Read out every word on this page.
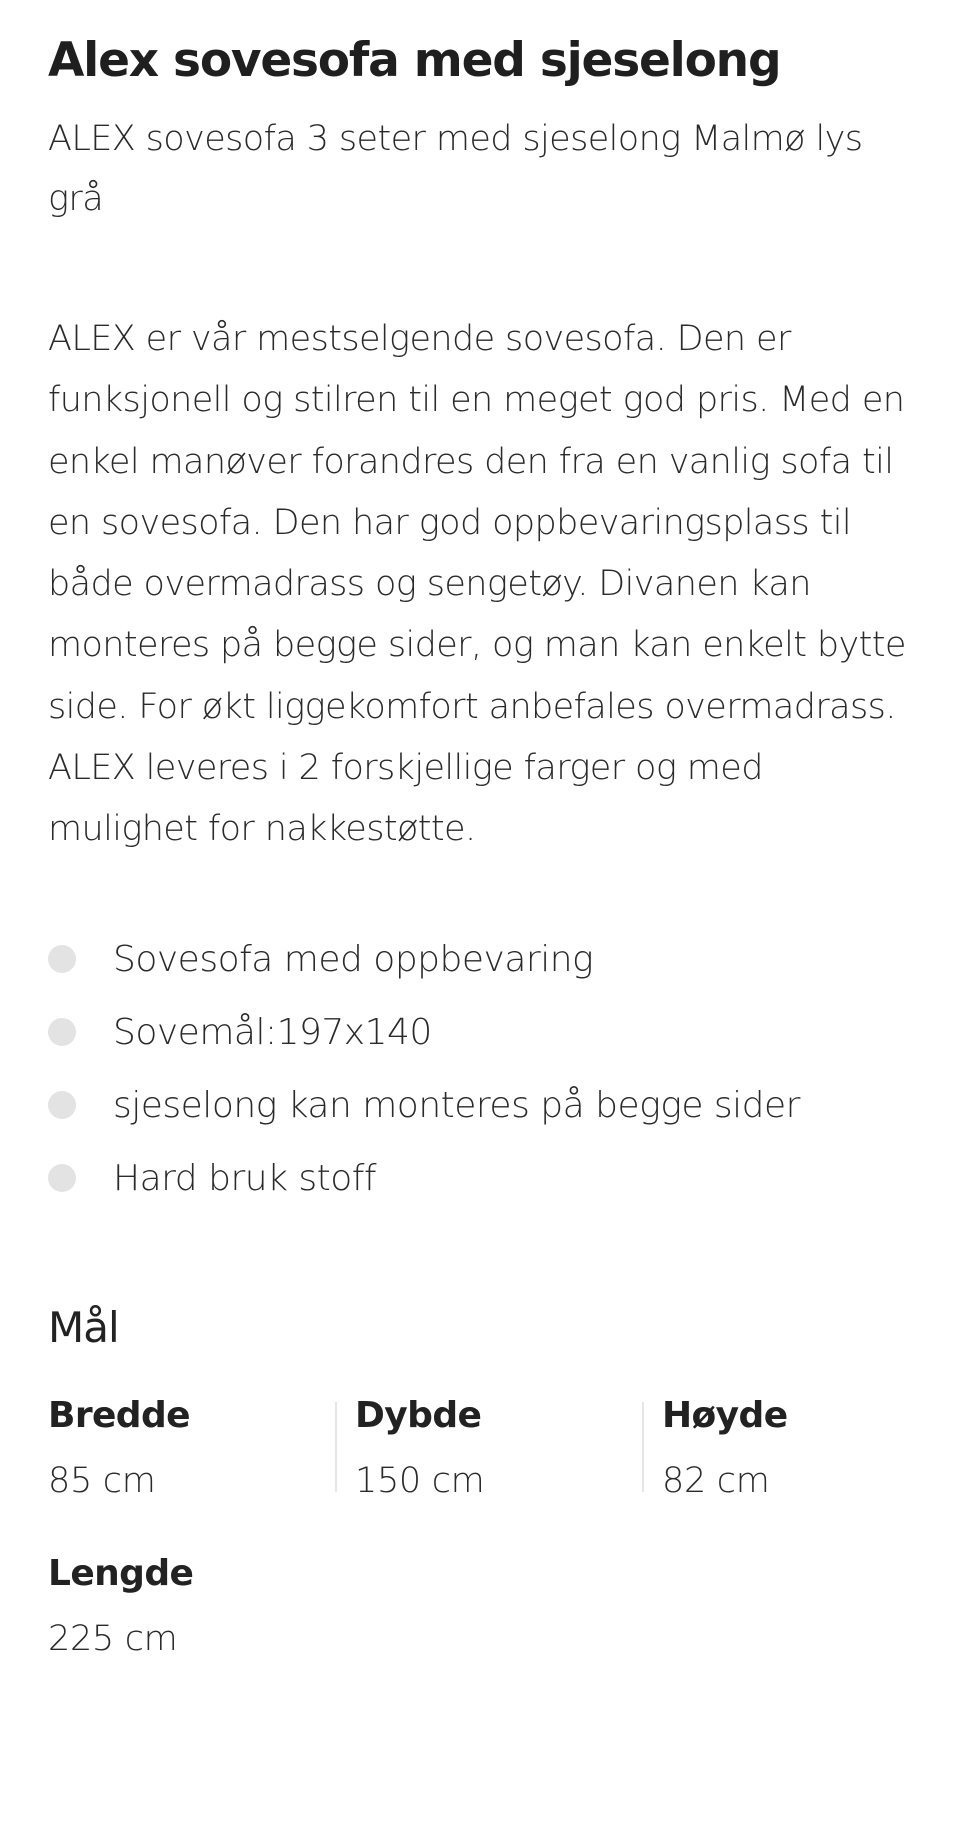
Alex sovesofa med sjeselong

ALEX sovesofa 3 seter med sjeselong Malmø lys grå

ALEX er vår mestselgende sovesofa. Den er funksjonell og stilren til en meget god pris. Med en enkel manøver forandres den fra en vanlig sofa til en sovesofa. Den har god oppbevaringsplass til både overmadrass og sengetøy. Divanen kan monteres på begge sider, og man kan enkelt bytte side. For økt liggekomfort anbefales overmadrass. ALEX leveres i 2 forskjellige farger og med mulighet for nakkestøtte.

Sovesofa med oppbevaring
Sovemål:197x140
sjeselong kan monteres på begge sider
Hard bruk stoff
Mål
Bredde
85 cm
Dybde
150 cm
Høyde
82 cm
Lengde
225 cm
